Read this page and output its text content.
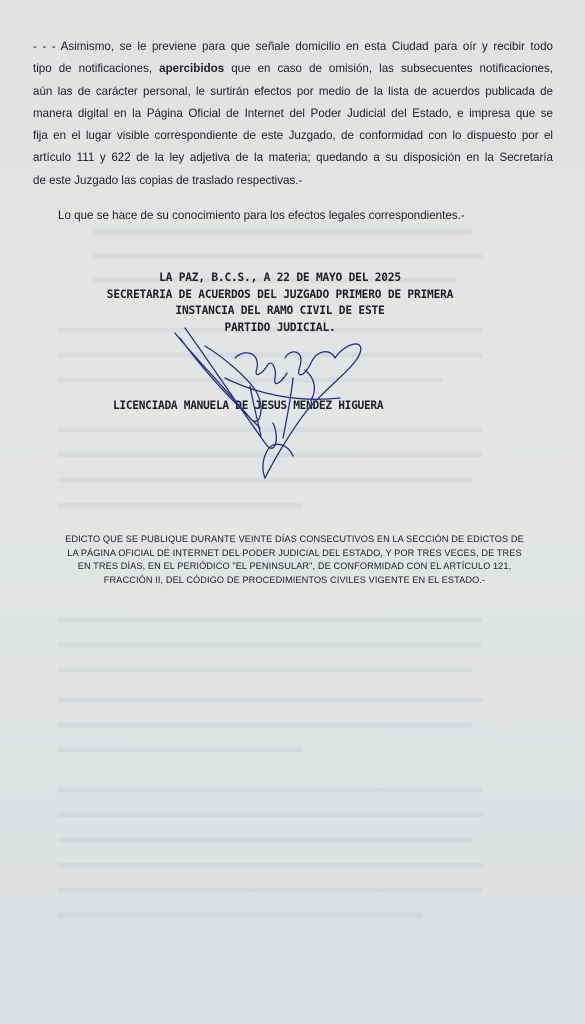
- - - Asimismo, se le previene para que señale domicilio en esta Ciudad para oír y recibir todo
tipo de notificaciones, apercibidos que en caso de omisión, las subsecuentes notificaciones,
aún las de carácter personal, le surtirán efectos por medio de la lista de acuerdos publicada de
manera digital en la Página Oficial de Internet del Poder Judicial del Estado, e impresa que se
fija en el lugar visible correspondiente de este Juzgado, de conformidad con lo dispuesto por el
artículo 111 y 622 de la ley adjetiva de la materia; quedando a su disposición en la Secretaría
de este Juzgado las copias de traslado respectivas.-
Lo que se hace de su conocimiento para los efectos legales correspondientes.-
LA PAZ, B.C.S., A 22 DE MAYO DEL 2025
SECRETARIA DE ACUERDOS DEL JUZGADO PRIMERO DE PRIMERA
INSTANCIA DEL RAMO CIVIL DE ESTE
PARTIDO JUDICIAL.
LICENCIADA MANUELA DE JESUS MENDEZ HIGUERA
EDICTO QUE SE PUBLIQUE DURANTE VEINTE DÍAS CONSECUTIVOS EN LA SECCIÓN DE EDICTOS DE
LA PÁGINA OFICIAL DE INTERNET DEL PODER JUDICIAL DEL ESTADO, Y POR TRES VECES, DE TRES
EN TRES DÍAS, EN EL PERIÓDICO "EL PENINSULAR", DE CONFORMIDAD CON EL ARTÍCULO 121,
FRACCIÓN II, DEL CÓDIGO DE PROCEDIMIENTOS CIVILES VIGENTE EN EL ESTADO.-
